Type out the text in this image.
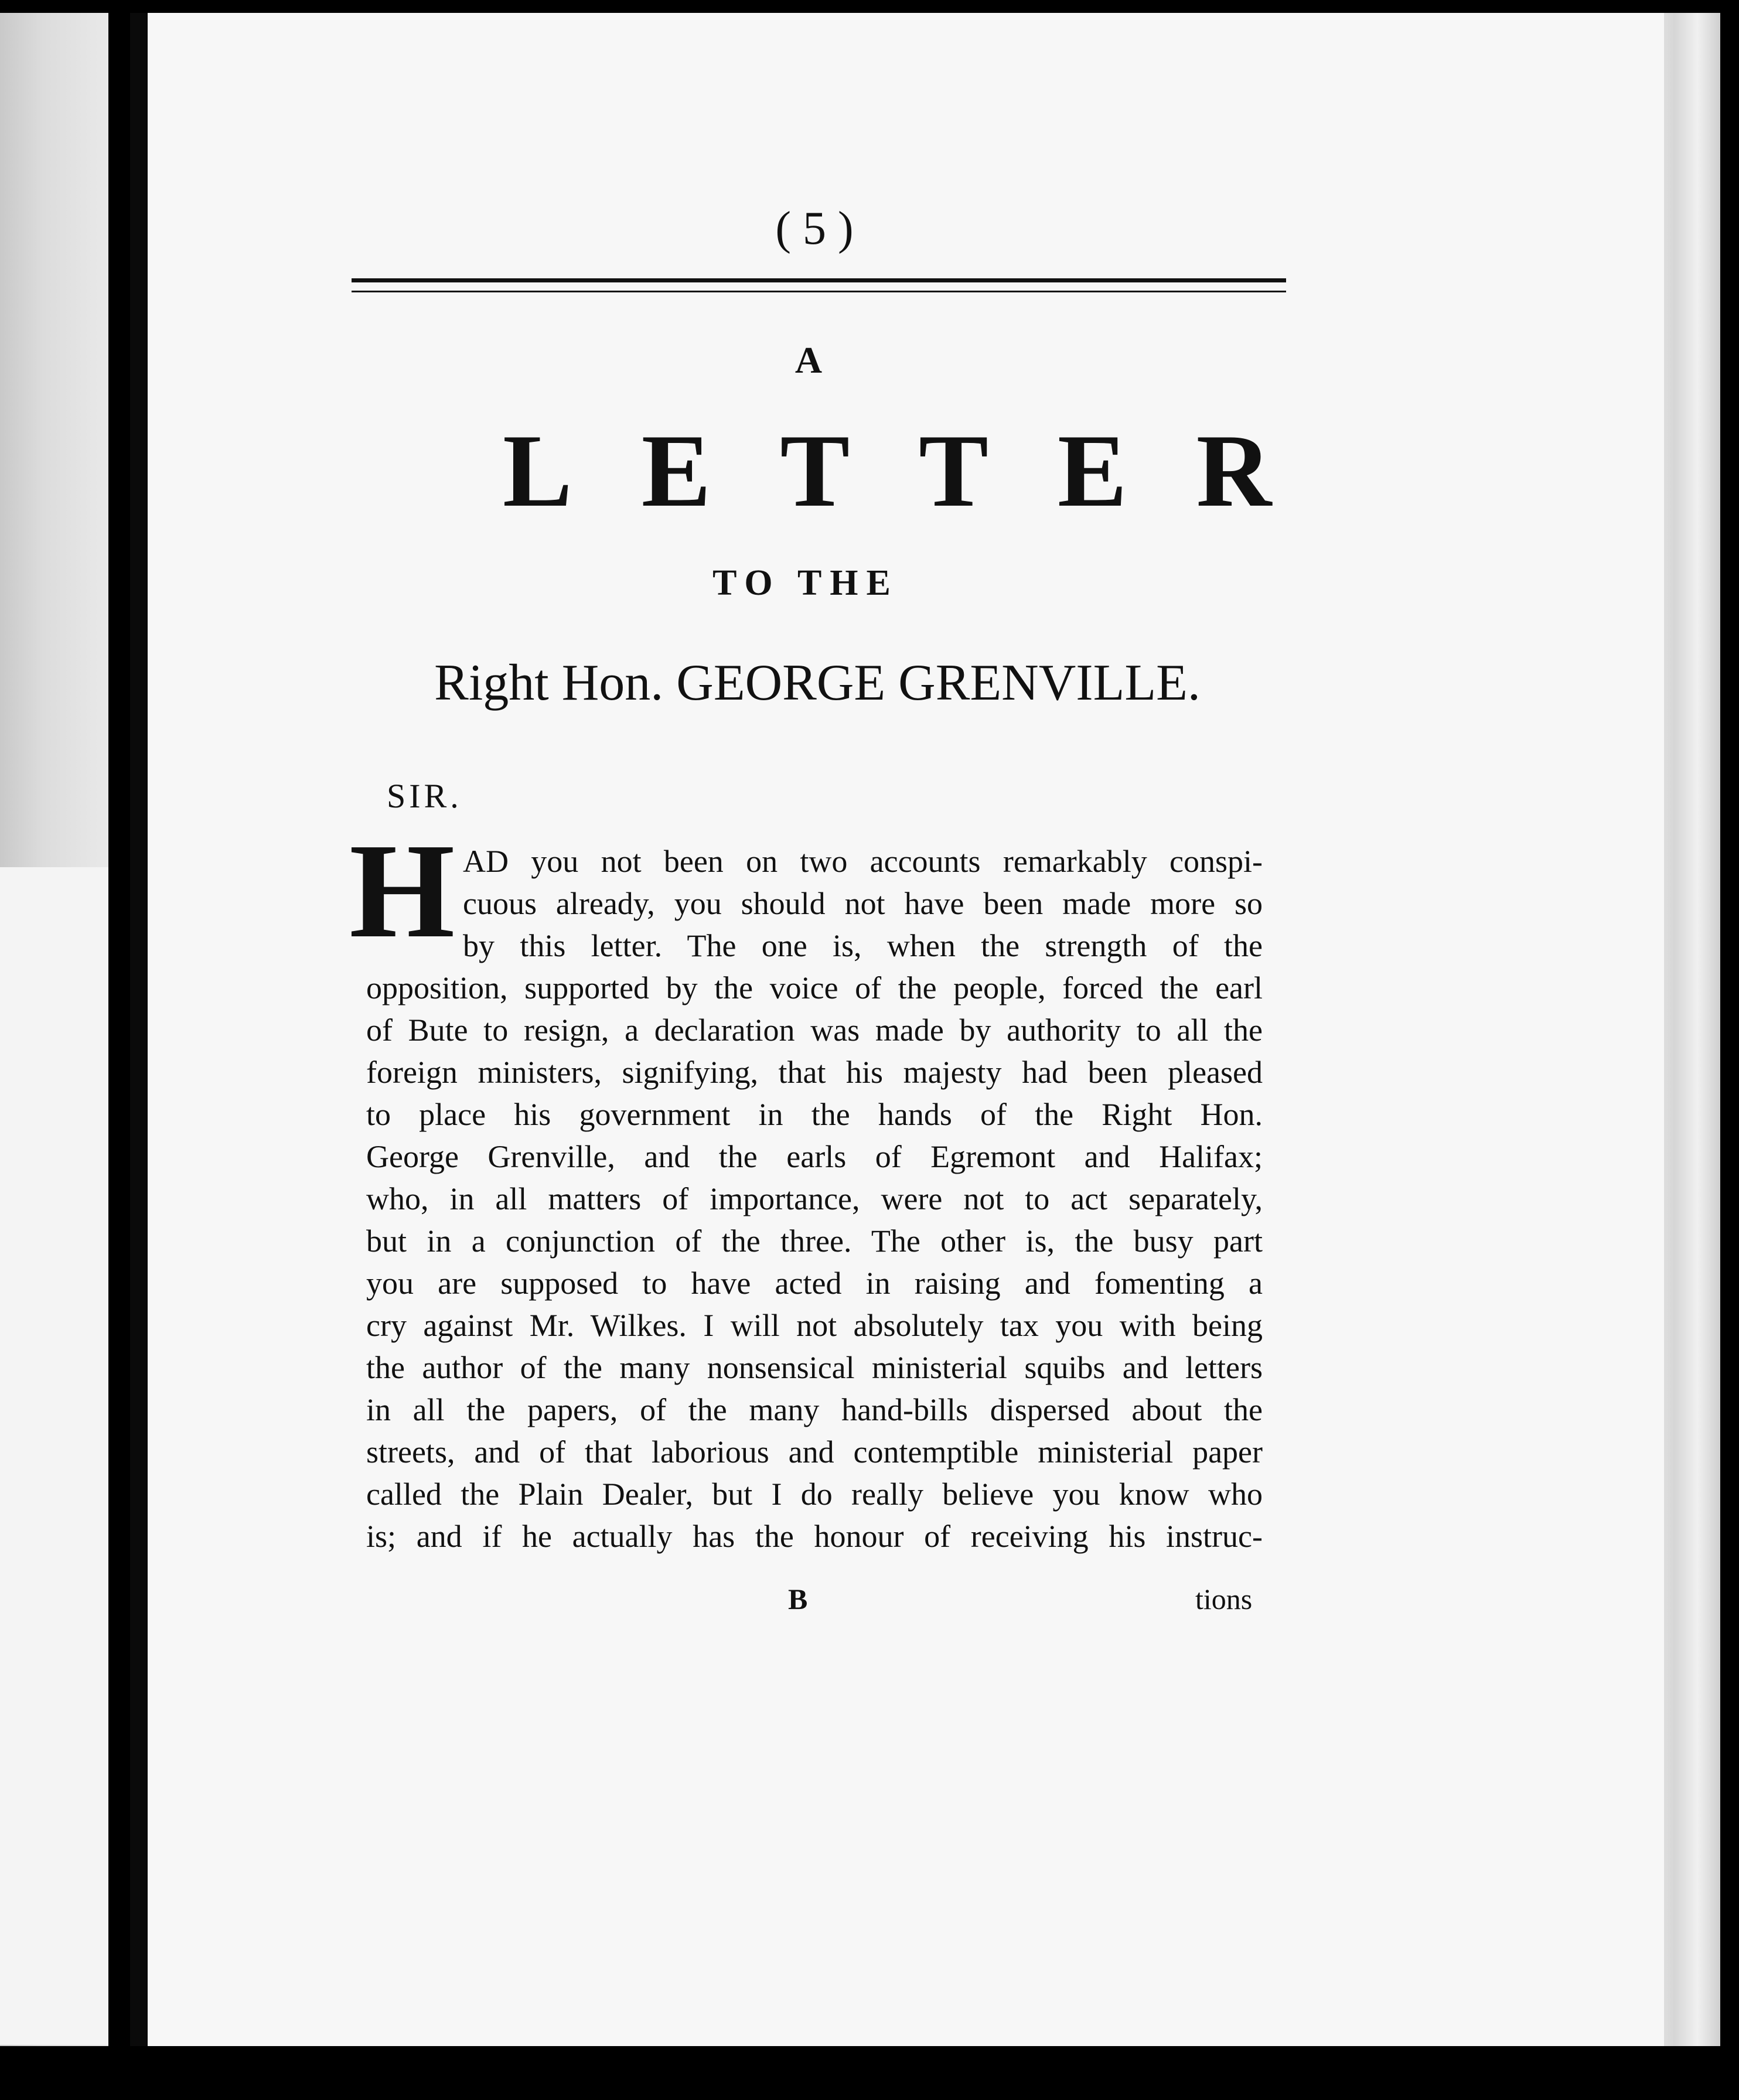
( 5 )
A
LETTER
TO THE
Right Hon. GEORGE GRENVILLE.
SIR.
H AD you not been on two accounts remarkably conspi-
cuous already, you should not have been made more so
by this letter. The one is, when the strength of the
opposition, supported by the voice of the people, forced the earl
of Bute to resign, a declaration was made by authority to all the
foreign ministers, signifying, that his majesty had been pleased
to place his government in the hands of the Right Hon.
George Grenville, and the earls of Egremont and Halifax;
who, in all matters of importance, were not to act separately,
but in a conjunction of the three. The other is, the busy part
you are supposed to have acted in raising and fomenting a
cry against Mr. Wilkes. I will not absolutely tax you with being
the author of the many nonsensical ministerial squibs and letters
in all the papers, of the many hand-bills dispersed about the
streets, and of that laborious and contemptible ministerial paper
called the Plain Dealer, but I do really believe you know who
is; and if he actually has the honour of receiving his instruc-
B	tions
